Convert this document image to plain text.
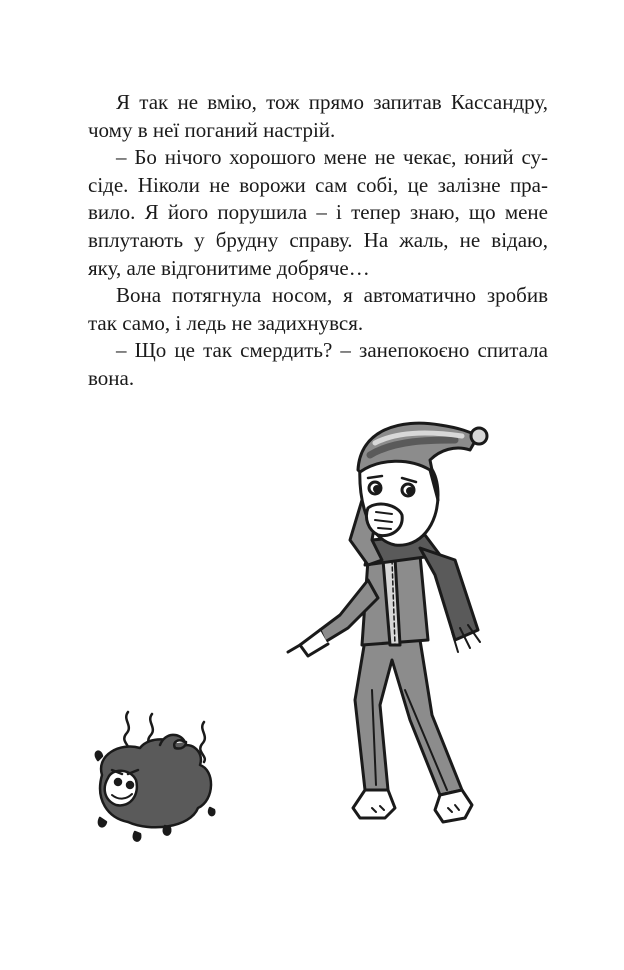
Я так не вмію, тож прямо запитав Кассандру,
чому в неї поганий настрій.
– Бо нічого хорошого мене не чекає, юний су-
сіде. Ніколи не ворожи сам собі, це залізне пра-
вило. Я його порушила – і тепер знаю, що мене
вплутають у брудну справу. На жаль, не відаю,
яку, але відгонитиме добряче…
Вона потягнула носом, я автоматично зробив
так само, і ледь не задихнувся.
– Що це так смердить? – занепокоєно спитала
вона.
